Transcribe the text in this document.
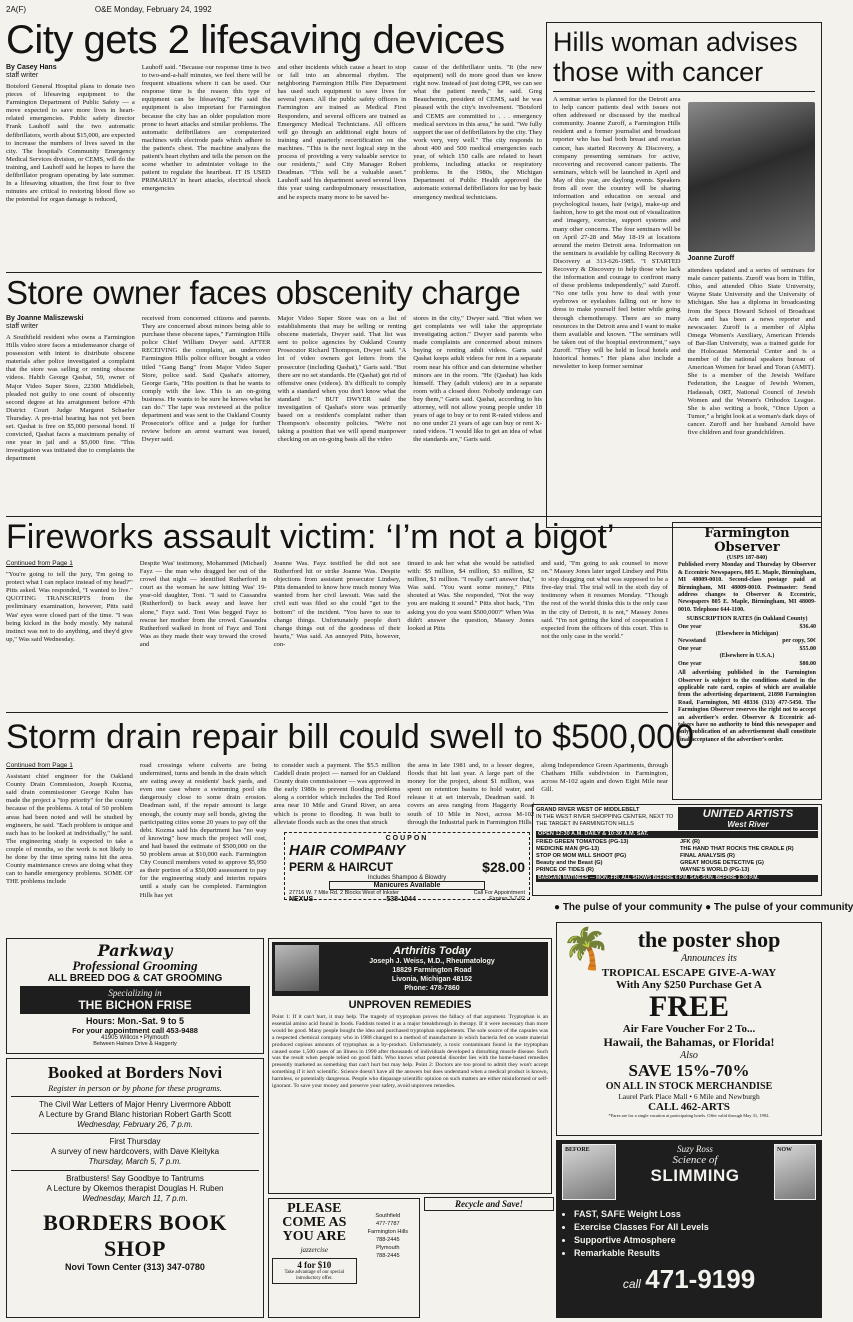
2A(F)	O&E Monday, February 24, 1992
City gets 2 lifesaving devices
By Casey Hans
staff writer
Botsford General Hospital plans to donate two pieces of lifesaving equipment to the Farmington Department of Public Safety — a move expected to save more lives in heart-related emergencies. Public safety director Frank Lauhoff said the two automatic defibrillators, worth about $15,000, are expected to increase the numbers of lives saved in the city. The hospital's Community Emergency Medical Services division, or CEMS, will do the training, and Lauhoff said he hopes to have the defibrillator program operating by late summer. In a lifesaving situation, the first four to five minutes are critical to restoring blood flow so the potential for organ damage is reduced,
Lauhoff said. "Because our response time is two to two-and-a-half minutes, we feel there will be frequent situations where it can be used. Our response time is the reason this type of equipment can be lifesaving." He said the equipment is also important for Farmington because the city has an older population more prone to heart attacks and similar problems. The automatic defibrillators are computerized machines with electrode pads which adhere to the patient's chest. The machine analyzes the patient's heart rhythm and tells the person on the scene whether to administer voltage to the patient to regulate the heartbeat. IT IS USED PRIMARILY in heart attacks, electrical shock emergencies
and other incidents which cause a heart to stop or fall into an abnormal rhythm. The neighboring Farmington Hills Fire Department has used such equipment to save lives for several years. All the public safety officers in Farmington are trained as Medical First Responders, and several officers are trained as Emergency Medical Technicians. All officers will go through an additional eight hours of training and quarterly recertification on the machines. "This is the next logical step in the process of providing a very valuable service to our residents," said City Manager Robert Deadman. "This will be a valuable asset." Lauhoff said his department saved several lives this year using cardiopulmonary resuscitation, and he expects many more to be saved be-
cause of the defibrillator units. "It (the new equipment) will do more good than we know right now. Instead of just doing CPR, we can see what the patient needs," he said. Greg Beauchemin, president of CEMS, said he was pleased with the city's involvement. "Botsford and CEMS are committed to . . . emergency medical services in this area," he said. "We fully support the use of defibrillators by the city. They work very, very well." The city responds to about 400 and 500 medical emergencies each year, of which 150 calls are related to heart problems, including attacks or respiratory problems. In the 1980s, the Michigan Department of Public Health approved the automatic external defibrillators for use by basic emergency medical technicians.
Hills woman advises
those with cancer
A seminar series is planned for the Detroit area to help cancer patients deal with issues not often addressed or discussed by the medical community. Joanne Zuroff, a Farmington Hills resident and a former journalist and broadcast reporter who has had both breast and ovarian cancer, has started Recovery & Discovery, a company presenting seminars for active, recovering and recovered cancer patients. The seminars, which will be launched in April and May of this year, are daylong events. Speakers from all over the country will be sharing information and education on sexual and psychological issues, hair (wigs), make-up and fashion, how to get the most out of visualization and imagery, exercise, support systems and many other concerns. The four seminars will be on April 27-28 and May 18-19 at locations around the metro Detroit area. Information on the seminars is available by calling Recovery & Discovery at 313-626-1985. "I STARTED Recovery & Discovery to help those who lack the information and courage to confront many of these problems independently," said Zuroff. "No one tells you how to deal with your eyebrows or eyelashes falling out or how to dress to make yourself feel better while going through chemotherapy. There are so many resources in the Detroit area and I want to make them available and known. "The seminars will be taken out of the hospital environment," says Zuroff. "They will be held in local hotels and historical homes." Her plans also include a newsletter to keep former seminar
Joanne Zuroff
attendees updated and a series of seminars for male cancer patients. Zuroff was born in Tiffin, Ohio, and attended Ohio State University, Wayne State University and the University of Michigan. She has a diploma in broadcasting from the Specs Howard School of Broadcast Arts and has been a news reporter and newscaster. Zuroff is a member of Alpha Omega Women's Auxiliary, American Friends of Bar-Ilan University, was a trained guide for the Holocaust Memorial Center and is a member of the national speakers bureau of American Women for Israel and Toran (AMIT). She is a member of the Jewish Welfare Federation, the League of Jewish Women, Hadassah, ORT, National Council of Jewish Women and the Women's Orthodox League. She is also writing a book, "Once Upon a Tumor," a bright look at a woman's dark days of cancer. Zuroff and her husband Arnold have five children and four grandchildren.
Store owner faces obscenity charge
By Joanne Maliszewski
staff writer
A Southfield resident who owns a Farmington Hills video store faces a misdemeanor charge of possession with intent to distribute obscene materials after police investigated a complaint that the store was selling or renting obscene videos. Habib George Qashat, 59, owner of Major Video Super Store, 22300 Middlebelt, pleaded not guilty to one count of obscenity second degree at his arraignment before 47th District Court Judge Margaret Schaefer Thursday. A pre-trial hearing has not yet been set. Qashat is free on $5,000 personal bond. If convicted, Qashat faces a maximum penalty of one year in jail and a $5,000 fine. "This investigation was initiated due to complaints the department
received from concerned citizens and parents. They are concerned about minors being able to purchase these obscene tapes," Farmington Hills police Chief William Dwyer said. AFTER RECEIVING the complaint, an undercover Farmington Hills police officer bought a video titled "Gang Bang" from Major Video Super Store, police said. Said Qashat's attorney, George Garis, "His position is that he wants to comply with the law. This is an on-going business. He wants to be sure he knows what he can do." The tape was reviewed at the police department and was sent to the Oakland County Prosecutor's office and a judge for further review before an arrest warrant was issued, Dwyer said.
Major Video Super Store was on a list of establishments that may be selling or renting obscene materials, Dwyer said. That list was sent to police agencies by Oakland County Prosecutor Richard Thompson, Dwyer said. "A lot of video owners got letters from the prosecutor (including Qashat)," Garis said. "But there are no set standards. He (Qashat) got rid of offensive ones (videos). It's difficult to comply with a standard when you don't know what the standard is." BUT DWYER said the investigation of Qashat's store was primarily based on a resident's complaint rather than Thompson's obscenity policies. "We're not taking a position that we will spend manpower checking on an on-going basis all the video
stores in the city," Dwyer said. "But when we get complaints we will take the appropriate investigating action." Dwyer said parents who made complaints are concerned about minors buying or renting adult videos. Garis said Qashat keeps adult videos for rent in a separate room near his office and can determine whether minors are in the room. "He (Qashat) has kids himself. They (adult videos) are in a separate room with a closed door. Nobody underage can buy them," Garis said. Qashat, according to his attorney, will not allow young people under 18 years of age to buy or to rent R-rated videos and no one under 21 years of age can buy or rent X-rated videos. "I would like to get an idea of what the standards are," Garis said.
Fireworks assault victim: ‘I’m not a bigot’
Continued from Page 1
"You're going to tell the jury, 'I'm going to protect what I can replace instead of my head?'" Pitts asked. Was responded, "I wanted to live." QUOTING TRANSCRIPTS from the preliminary examination, however, Pitts said Was' eyes were closed part of the time. "I was being kicked in the body mostly. My natural instinct was not to do anything, and they'd give up," Was said Wednesday.
Despite Was' testimony, Mohammed (Michael) Fayz — the man who dragged her out of the crowd that night — identified Rutherford in court as the woman he saw hitting Was' 19-year-old daughter, Toni. "I said to Cassandra (Rutherford) to back away and leave her alone," Fayz said. Toni Was begged Fayz to rescue her mother from the crowd. Cassandra Rutherford walked in front of Fayz and Toni Was as they made their way toward the crowd and
Joanne Was. Fayz testified he did not see Rutherford hit or strike Joanne Was. Despite objections from assistant prosecutor Lindsey, Pitts demanded to know how much money Was wanted from her civil lawsuit. Was said the civil suit was filed so she could "get to the bottom" of the incident. "You have to sue to change things. Unfortunately people don't change things out of the goodness of their hearts," Was said. An annoyed Pitts, however, con-
tinued to ask her what she would be satisfied with: $5 million, $4 million, $3 million, $2 million, $1 million. "I really can't answer that," Was said. "You want some money," Pitts shouted at Was. She responded, "Not the way you are making it sound." Pitts shot back, "I'm asking you do you want $500,000?" When Was didn't answer the question, Massey Jones looked at Pitts
and said, "I'm going to ask counsel to move on." Massey Jones later urged Lindsey and Pitts to stop dragging out what was supposed to be a five-day trial. The trial will in the sixth day of testimony when it resumes Monday. "Though the rest of the world thinks this is the only case in the city of Detroit, it is not," Massey Jones said. "I'm not getting the kind of cooperation I expected from the officers of this court. This is not the only case in the world."
Farmington
Observer
(USPS 187-840)
Published every Monday and Thursday by Observer & Eccentric Newspapers, 805 E. Maple, Birmingham, MI 48009-0010. Second-class postage paid at Birmingham, MI 48009-0010. Postmaster: Send address changes to Observer & Eccentric, Newspapers 805 E. Maple, Birmingham, MI 48009-0010. Telephone 644-1100.
SUBSCRIPTION RATES (in Oakland County)
One year	$36.40
(Elsewhere in Michigan)
Newsstand	per copy, 50¢
One year	$55.00
(Elsewhere in U.S.A.)
One year	$80.00
All advertising published in the Farmington Observer is subject to the conditions stated in the applicable rate card, copies of which are available from the advertising department, 21898 Farmington Road, Farmington, MI 48336 (313) 477-5450. The Farmington Observer reserves the right not to accept an advertiser's order. Observer & Eccentric ad-takers have no authority to bind this newspaper and only publication of an advertisement shall constitute final acceptance of the advertiser's order.
Storm drain repair bill could swell to $500,000
Continued from Page 1
Assistant chief engineer for the Oakland County Drain Commission, Joseph Kozma, said drain commissioner George Kuhn has made the project a "top priority" for the county because of the problems. A total of 50 problem areas had been noted and will be studied by engineers, he said. "Each problem is unique and each has to be looked at individually," he said. The engineering study is expected to take a couple of months, so the work is not likely to be done by the time spring rains hit the area. County maintenance crews are doing what they can to handle emergency problems. SOME OF THE problems include
road crossings where culverts are being undermined, turns and bends in the drain which are eating away at residents' back yards, and even one case where a swimming pool sits dangerously close to some drain erosion. Deadman said, if the repair amount is large enough, the county may sell bonds, giving the participating cities some 20 years to pay off the debt. Kozma said his department has "no way of knowing" how much the project will cost, and had based the estimate of $500,000 on the 50 problem areas at $10,000 each. Farmington City Council members voted to approve $5,950 as their portion of a $50,000 assessment to pay for the engineering study and interim repairs until a study can be completed. Farmington Hills has yet
to consider such a payment. The $5.5 million Caddell drain project — named for an Oakland County drain commissioner — was approved in the early 1980s to prevent flooding problems along a corridor which includes the Ted Roof area near 10 Mile and Grand River, an area which is prone to flooding. It was built to alleviate floods such as the ones that struck
the area in late 1981 and, to a lesser degree, floods that hit last year. A large part of the money for the project, about $1 million, was spent on retention basins to hold water, and release it at set intervals, Deadman said. It covers an area ranging from Haggerty Road south of 10 Mile in Novi, across M-102 through the Industrial park in Farmington Hills,
along Independence Green Apartments, through Chatham Hills subdivision in Farmington, across M-102 again and down Eight Mile near Gill.
COUPON
HAIR COMPANY
PERM & HAIRCUT	$28.00
Includes Shampoo & Blowdry
Manicures Available
27716 W. 7 Mile Rd. 2 Blocks West of Inkster	Call For Appointment
NEXUS	538-1044	Expires 3-7-92
GRAND RIVER WEST OF MIDDLEBELT
IN THE WEST RIVER SHOPPING CENTER, NEXT TO THE TARGET IN FARMINGTON HILLS
UNITED ARTISTS
West River
OPEN 12:30 A.M. DAILY & 10:30 A.M. SAT.
FRIED GREEN TOMATOES (PG-13)
MEDICINE MAN (PG-13)
STOP OR MOM WILL SHOOT (PG)
Beauty and the Beast (G)
PRINCE OF TIDES (R)
JFK (R)
THE HAND THAT ROCKS THE CRADLE (R)
FINAL ANALYSIS (R)
GREAT MOUSE DETECTIVE (G)
WAYNE'S WORLD (PG-13)
BARGAIN MATINEES — MON.-FRI. ALL SHOWS BEFORE 6 P.M. SAT.-SUN. BEFORE 1:30 P.M.
● The pulse of your community ● The pulse of your community
Parkway
Professional Grooming
ALL BREED DOG & CAT GROOMING
Specializing in
THE BICHON FRISE
Hours: Mon.-Sat. 9 to 5
For your appointment call 453-9488
41905 Willcox • Plymouth
Between Haines Drive & Haggerty
Arthritis Today
Joseph J. Weiss, M.D., Rheumatology
18829 Farmington Road
Livonia, Michigan 48152
Phone: 478-7860
UNPROVEN REMEDIES
Point 1: If it can't hurt, it may help. The tragedy of tryptophan proves the fallacy of that argument. Tryptophan is an essential amino acid found in foods. Faddists touted it as a major breakthrough in therapy. If it were necessary than more would be good. Many people bought the idea and purchased tryptophan supplements. The sole source of the capsules was a respected chemical company who in 1988 changed to a method of manufacture in which bacteria fed on waste material produced copious amounts of tryptophan as a by-product. Unfortunately, a toxic contaminant found in the tryptophan caused some 1,500 cases of an illness in 1990 after thousands of individuals developed a disturbing muscle disease. Such was the result when people relied on good faith. Who knows what potential disorder lies with the home-based remedies presently marketed as something that can't hurt but may help. Point 2: Doctors are too proud to admit they won't accept something if it isn't scientific. Science doesn't have all the answers but does understand when a medical product is known, harmless, or potentially dangerous. People who disparage scientific opinion on such matters are either misinformed or self-ignorant. To save your money and preserve your safety, avoid unproven remedies.
Booked at Borders Novi
Register in person or by phone for these programs.
The Civil War Letters of Major Henry Livermore Abbott
A Lecture by Grand Blanc historian Robert Garth Scott
Wednesday, February 26, 7 p.m.
First Thursday
A survey of new hardcovers, with Dave Kleityka
Thursday, March 5, 7 p.m.
Bratbusters! Say Goodbye to Tantrums
A Lecture by Okemos therapist Douglas H. Ruben
Wednesday, March 11, 7 p.m.
BORDERS BOOK SHOP
Novi Town Center (313) 347-0780
PLEASE COME AS YOU ARE
jazzercise
4 for $10
Take advantage of our special introductory offer.
Southfield
477-7787
Farmington Hills
788-2445
Plymouth
788-2445
Recycle and Save!
🌴	the poster shop
Announces its
TROPICAL ESCAPE GIVE-A-WAY
With Any $250 Purchase Get A
FREE
Air Fare Voucher For 2 To...
Hawaii, the Bahamas, or Florida!
Also
SAVE 15%-70%
ON ALL IN STOCK MERCHANDISE
Laurel Park Place Mall • 6 Mile and Newburgh
CALL 462-ARTS
*Fares are for a single vacation at participating hotels. Offer valid through May 31, 1992.
BEFORE	Suzy Ross
Science of
SLIMMING
NOW
• FAST, SAFE Weight Loss
• Exercise Classes For All Levels
• Supportive Atmosphere
• Remarkable Results
call 471-9199
